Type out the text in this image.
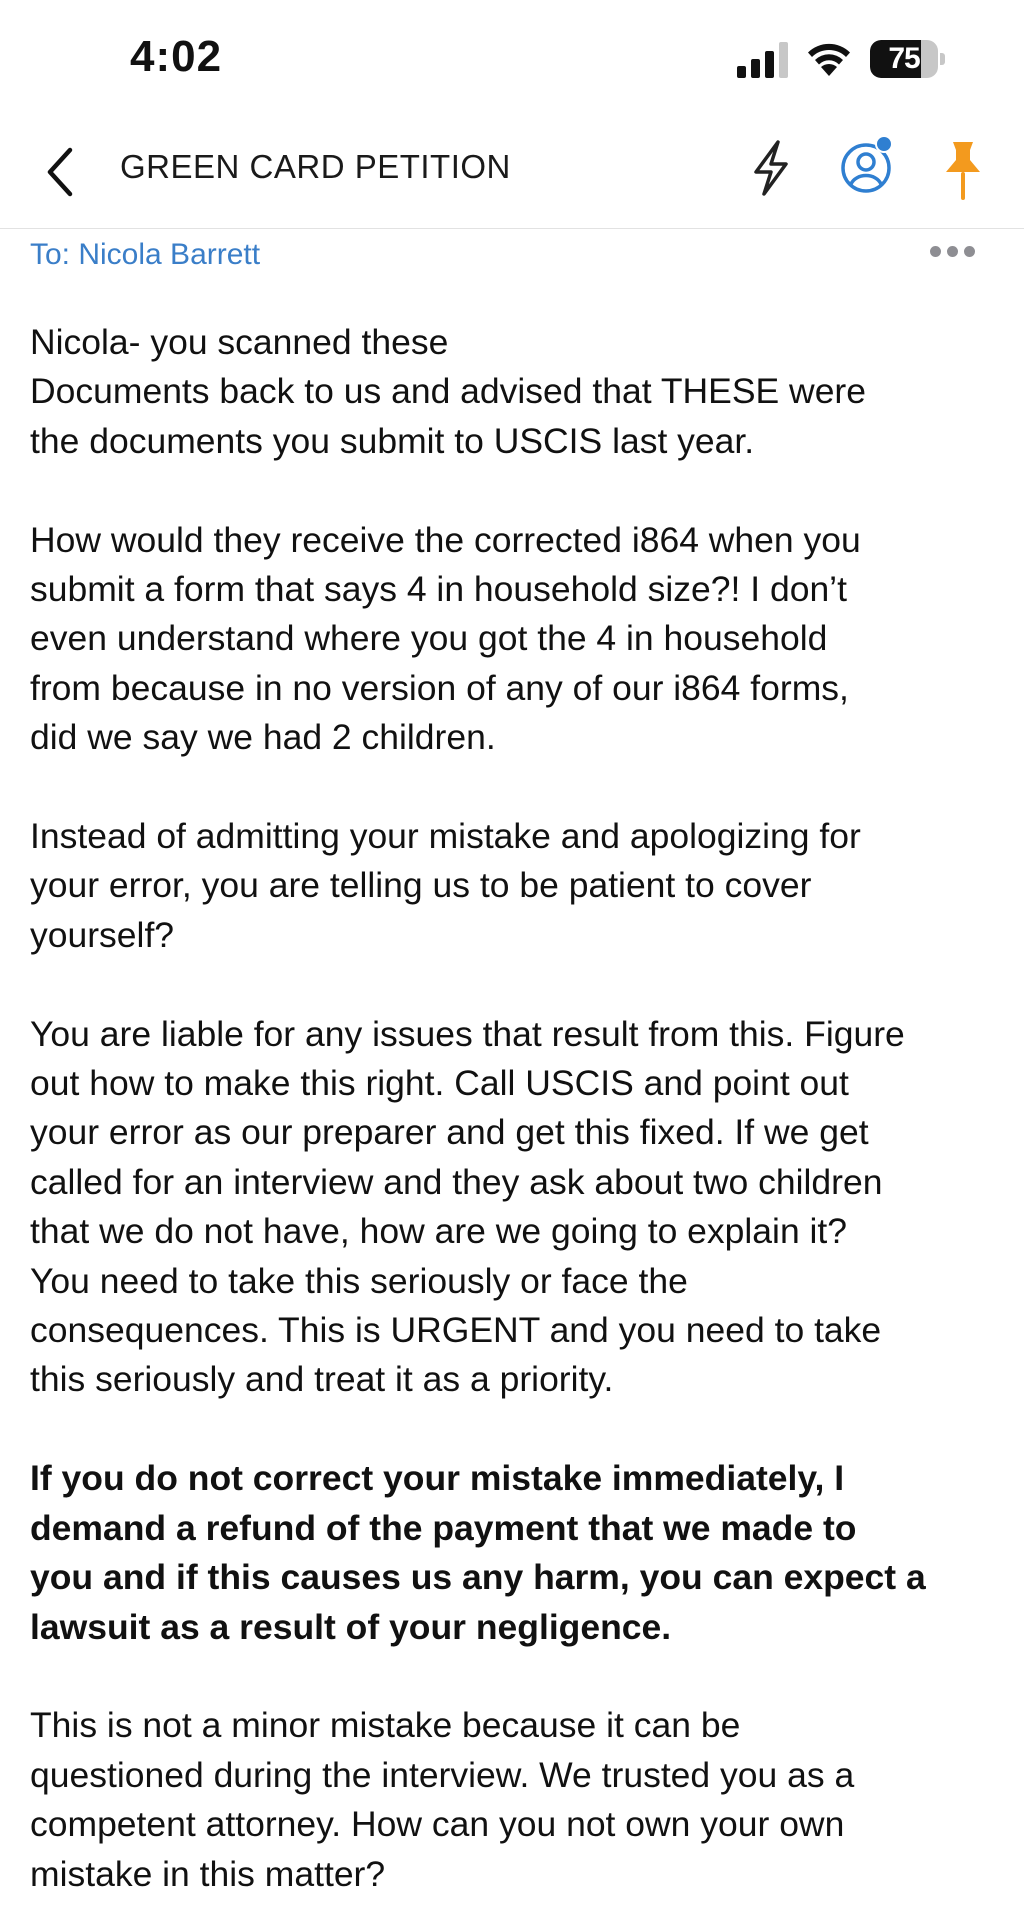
4:02	75
GREEN CARD PETITION
To: Nicola Barrett
Nicola- you scanned these
Documents back to us and advised that THESE were
the documents you submit to USCIS last year.
How would they receive the corrected i864 when you
submit a form that says 4 in household size?! I don’t
even understand where you got the 4 in household
from because in no version of any of our i864 forms,
did we say we had 2 children.
Instead of admitting your mistake and apologizing for
your error, you are telling us to be patient to cover
yourself?
You are liable for any issues that result from this. Figure
out how to make this right. Call USCIS and point out
your error as our preparer and get this fixed. If we get
called for an interview and they ask about two children
that we do not have, how are we going to explain it?
You need to take this seriously or face the
consequences. This is URGENT and you need to take
this seriously and treat it as a priority.
If you do not correct your mistake immediately, I
demand a refund of the payment that we made to
you and if this causes us any harm, you can expect a
lawsuit as a result of your negligence.
This is not a minor mistake because it can be
questioned during the interview. We trusted you as a
competent attorney. How can you not own your own
mistake in this matter?
